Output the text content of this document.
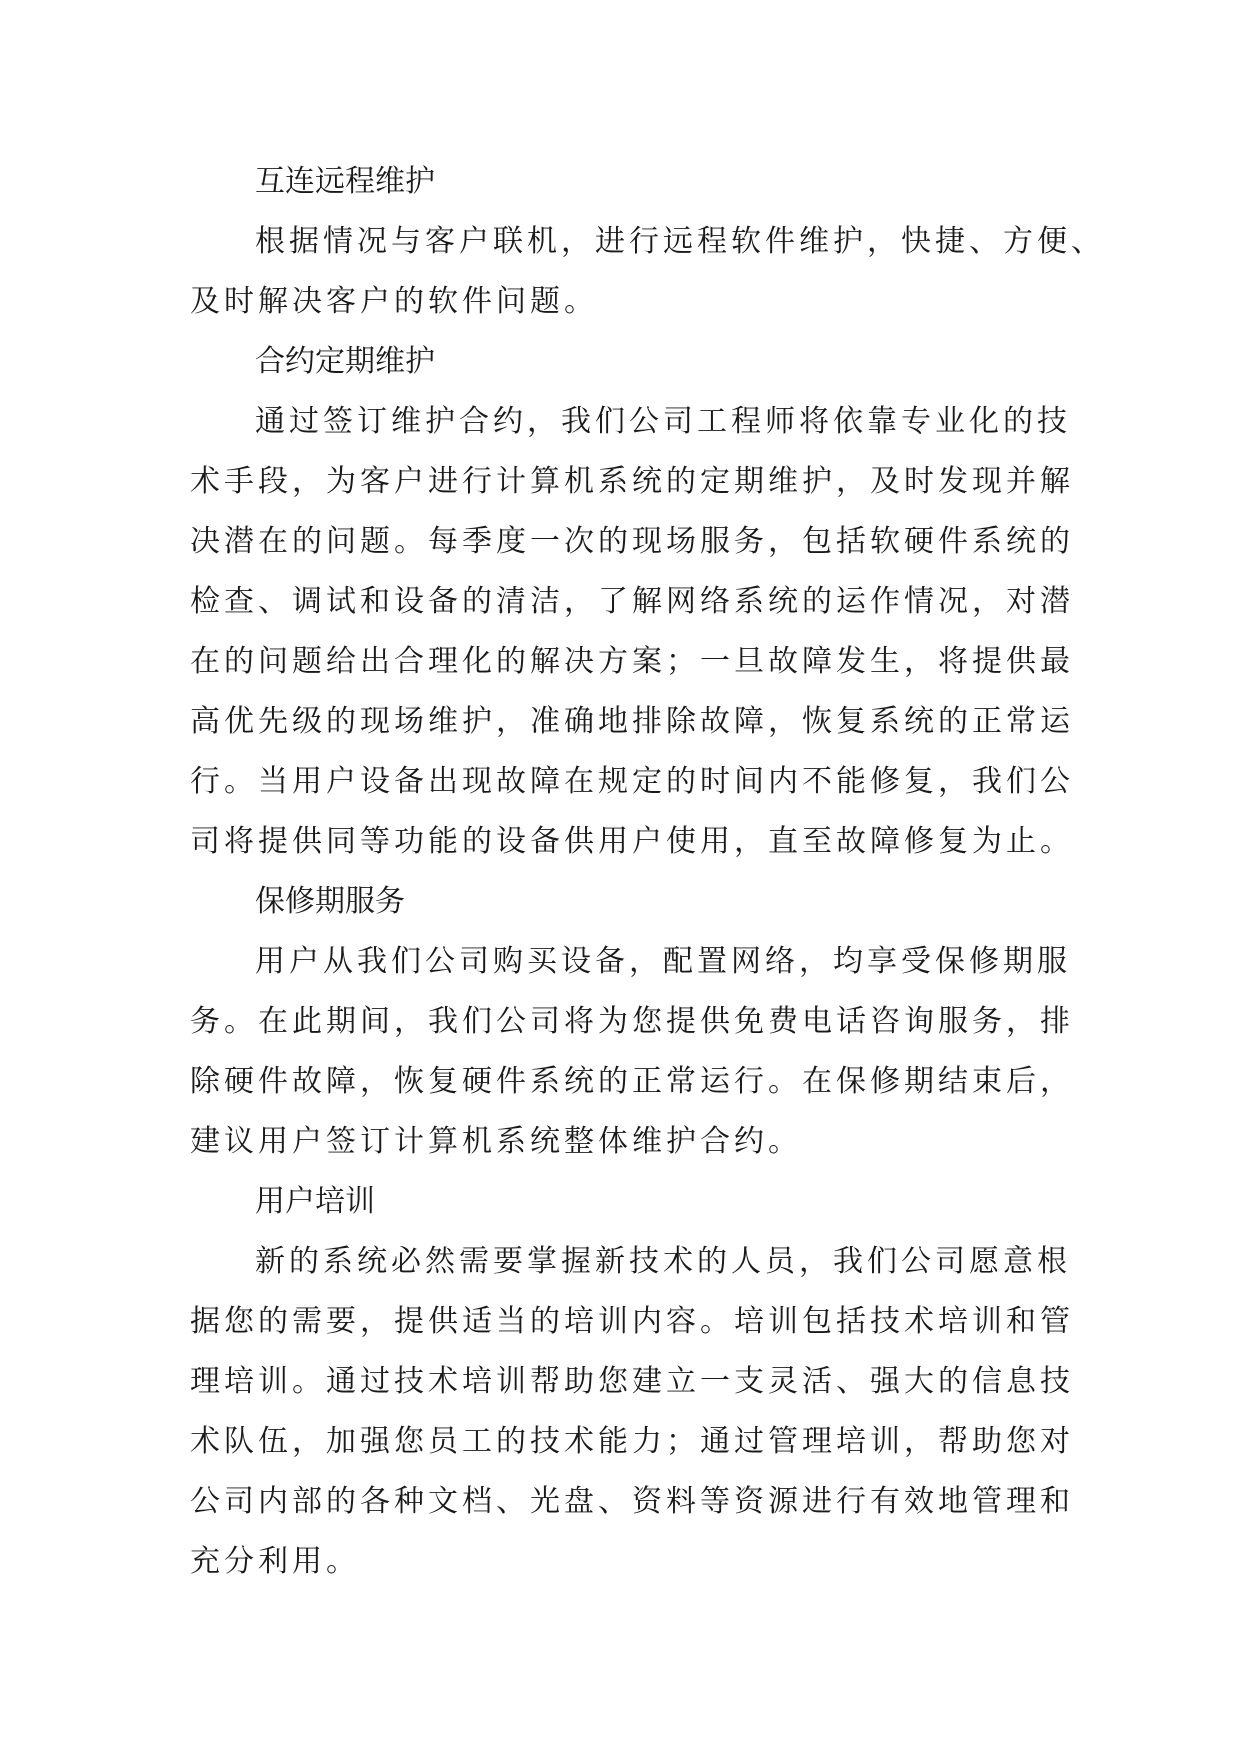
互连远程维护
根据情况与客户联机，进行远程软件维护，快捷、方便、
及时解决客户的软件问题。
合约定期维护
通过签订维护合约，我们公司工程师将依靠专业化的技
术手段，为客户进行计算机系统的定期维护，及时发现并解
决潜在的问题。每季度一次的现场服务，包括软硬件系统的
检查、调试和设备的清洁，了解网络系统的运作情况，对潜
在的问题给出合理化的解决方案；一旦故障发生，将提供最
高优先级的现场维护，准确地排除故障，恢复系统的正常运
行。当用户设备出现故障在规定的时间内不能修复，我们公
司将提供同等功能的设备供用户使用，直至故障修复为止。
保修期服务
用户从我们公司购买设备，配置网络，均享受保修期服
务。在此期间，我们公司将为您提供免费电话咨询服务，排
除硬件故障，恢复硬件系统的正常运行。在保修期结束后，
建议用户签订计算机系统整体维护合约。
用户培训
新的系统必然需要掌握新技术的人员，我们公司愿意根
据您的需要，提供适当的培训内容。培训包括技术培训和管
理培训。通过技术培训帮助您建立一支灵活、强大的信息技
术队伍，加强您员工的技术能力；通过管理培训，帮助您对
公司内部的各种文档、光盘、资料等资源进行有效地管理和
充分利用。
